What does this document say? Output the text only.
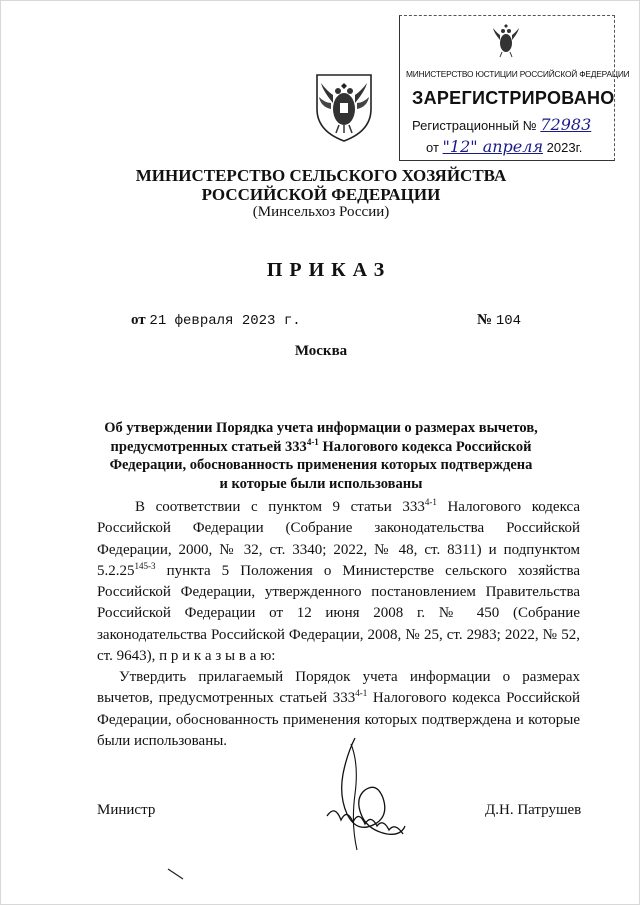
МИНИСТЕРСТВО ЮСТИЦИИ РОССИЙСКОЙ ФЕДЕРАЦИИ
ЗАРЕГИСТРИРОВАНО
Регистрационный № 72983
от "12" апреля 2023г.
МИНИСТЕРСТВО СЕЛЬСКОГО ХОЗЯЙСТВА
РОССИЙСКОЙ ФЕДЕРАЦИИ
(Минсельхоз России)
ПРИКАЗ
от 21 февраля 2023 г.	№ 104
Москва
Об утверждении Порядка учета информации о размерах вычетов,
предусмотренных статьей 333$^{4-1}$ Налогового кодекса Российской
Федерации, обоснованность применения которых подтверждена
и которые были использованы
В соответствии с пунктом 9 статьи 333$^{4-1}$ Налогового кодекса Российской Федерации (Собрание законодательства Российской Федерации, 2000, № 32, ст. 3340; 2022, № 48, ст. 8311) и подпунктом 5.2.25$^{145-3}$ пункта 5 Положения о Министерстве сельского хозяйства Российской Федерации, утвержденного постановлением Правительства Российской Федерации от 12 июня 2008 г. № 450 (Собрание законодательства Российской Федерации, 2008, № 25, ст. 2983; 2022, № 52, ст. 9643), п р и к а з ы в а ю:
Утвердить прилагаемый Порядок учета информации о размерах вычетов, предусмотренных статьей 333$^{4-1}$ Налогового кодекса Российской Федерации, обоснованность применения которых подтверждена и которые были использованы.
Министр	Д.Н. Патрушев
